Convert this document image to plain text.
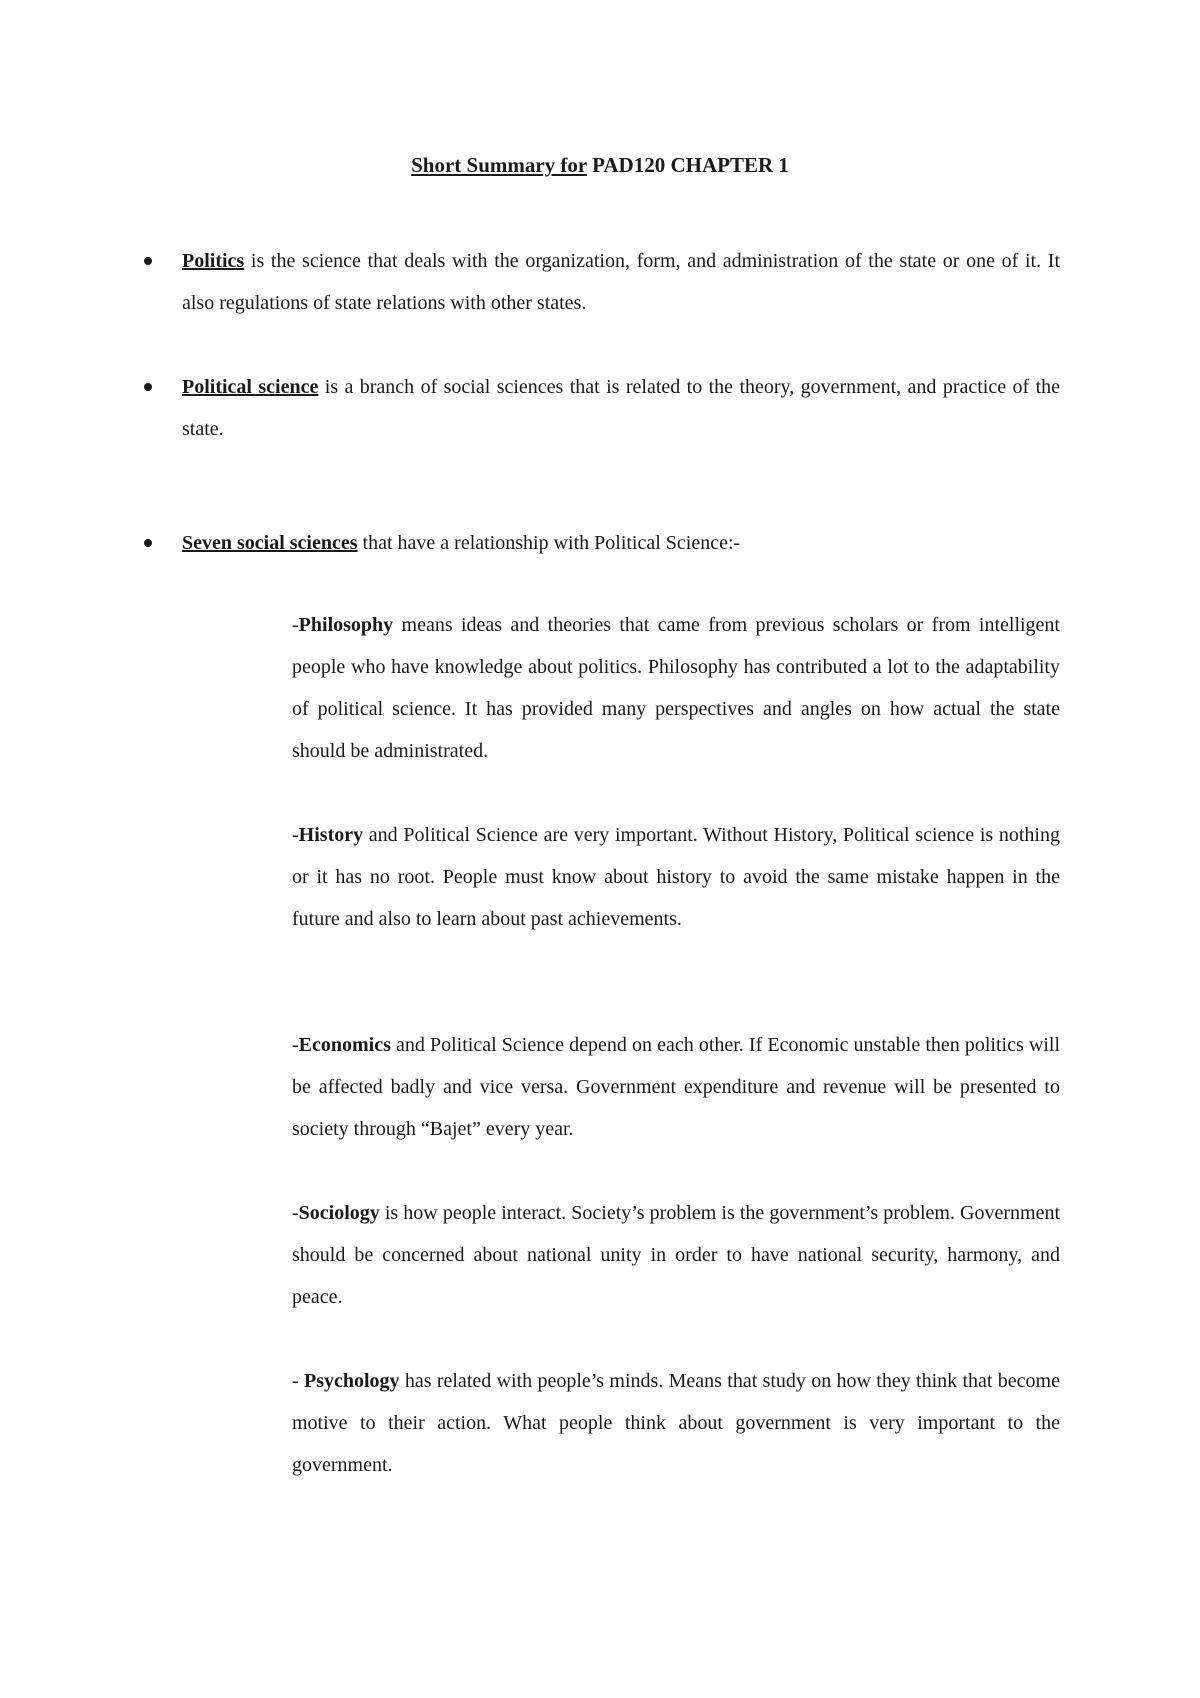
Short Summary for PAD120 CHAPTER 1
Politics is the science that deals with the organization, form, and administration of the state or one of it. It also regulations of state relations with other states.
Political science is a branch of social sciences that is related to the theory, government, and practice of the state.
Seven social sciences that have a relationship with Political Science:-
-Philosophy means ideas and theories that came from previous scholars or from intelligent people who have knowledge about politics. Philosophy has contributed a lot to the adaptability of political science. It has provided many perspectives and angles on how actual the state should be administrated.
-History and Political Science are very important. Without History, Political science is nothing or it has no root. People must know about history to avoid the same mistake happen in the future and also to learn about past achievements.
-Economics and Political Science depend on each other. If Economic unstable then politics will be affected badly and vice versa. Government expenditure and revenue will be presented to society through “Bajet” every year.
-Sociology is how people interact. Society’s problem is the government’s problem. Government should be concerned about national unity in order to have national security, harmony, and peace.
- Psychology has related with people’s minds. Means that study on how they think that become motive to their action. What people think about government is very important to the government.
